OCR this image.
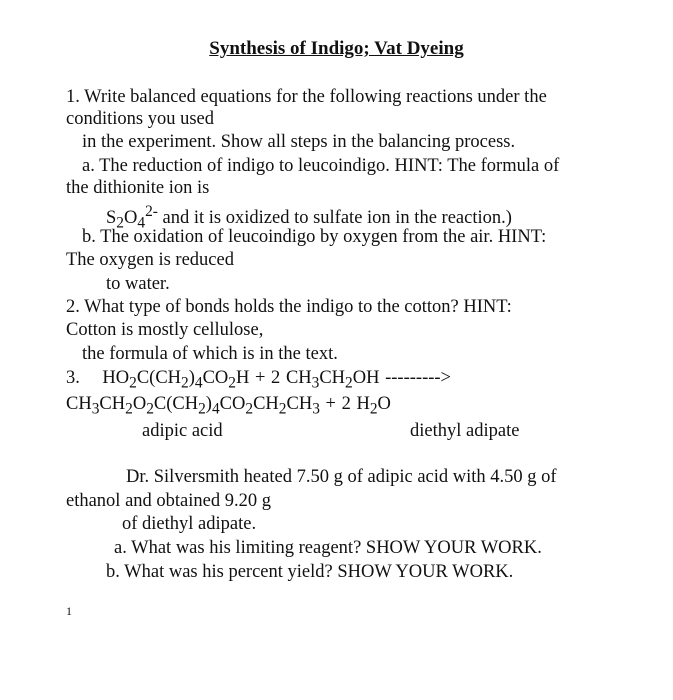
Synthesis of Indigo; Vat Dyeing
1. Write balanced equations for the following reactions under the
conditions you used
in the experiment. Show all steps in the balancing process.
a. The reduction of indigo to leucoindigo. HINT: The formula of
the dithionite ion is
$S_2O_4^{2-}$ and it is oxidized to sulfate ion in the reaction.)
b. The oxidation of leucoindigo by oxygen from the air. HINT:
The oxygen is reduced
to water.
2. What type of bonds holds the indigo to the cotton? HINT:
Cotton is mostly cellulose,
the formula of which is in the text.
3. $HO_2C(CH_2)_4CO_2H + 2$ $CH_3CH_2OH$ --------->
$CH_3CH_2O_2C(CH_2)_4CO_2CH_2CH_3 + 2$ $H_2O$
adipic acid	diethyl adipate
Dr. Silversmith heated 7.50 g of adipic acid with 4.50 g of
ethanol and obtained 9.20 g
of diethyl adipate.
a. What was his limiting reagent? SHOW YOUR WORK.
b. What was his percent yield? SHOW YOUR WORK.
1
